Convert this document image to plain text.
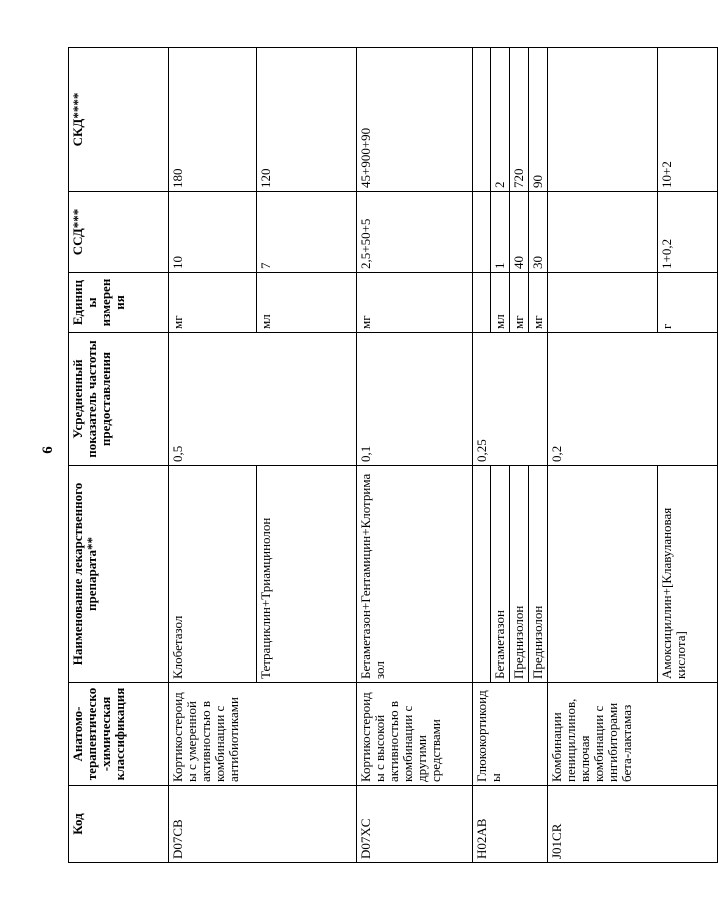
6
Код	Анатомо-терапевтическо-химическая классификация	Наименование лекарственного препарата**	Усредненный показатель частоты предоставления	Единицы измерения	ССД***	СКД****
D07CB	Кортикостероиды с умеренной активностью в комбинации с антибиотиками	Клобетазол	0,5	мг	10	180
		Тетрациклин+Триамцинолон		мл	7	120
D07XC	Кортикостероиды с высокой активностью в комбинации с другими средствами	Бетаметазон+Гентамицин+Клотримазол	0,1	мг	2,5+50+5	45+900+90
H02AB	Глюкокортикоиды		0,25			
		Бетаметазон		мл	1	2
		Преднизолон		мг	40	720
		Преднизолон		мг	30	90
J01CR	Комбинации пенициллинов, включая комбинации с ингибиторами бета-лактамаз		0,2			
		Амоксициллин+[Клавулановая кислота]		г	1+0,2	10+2
